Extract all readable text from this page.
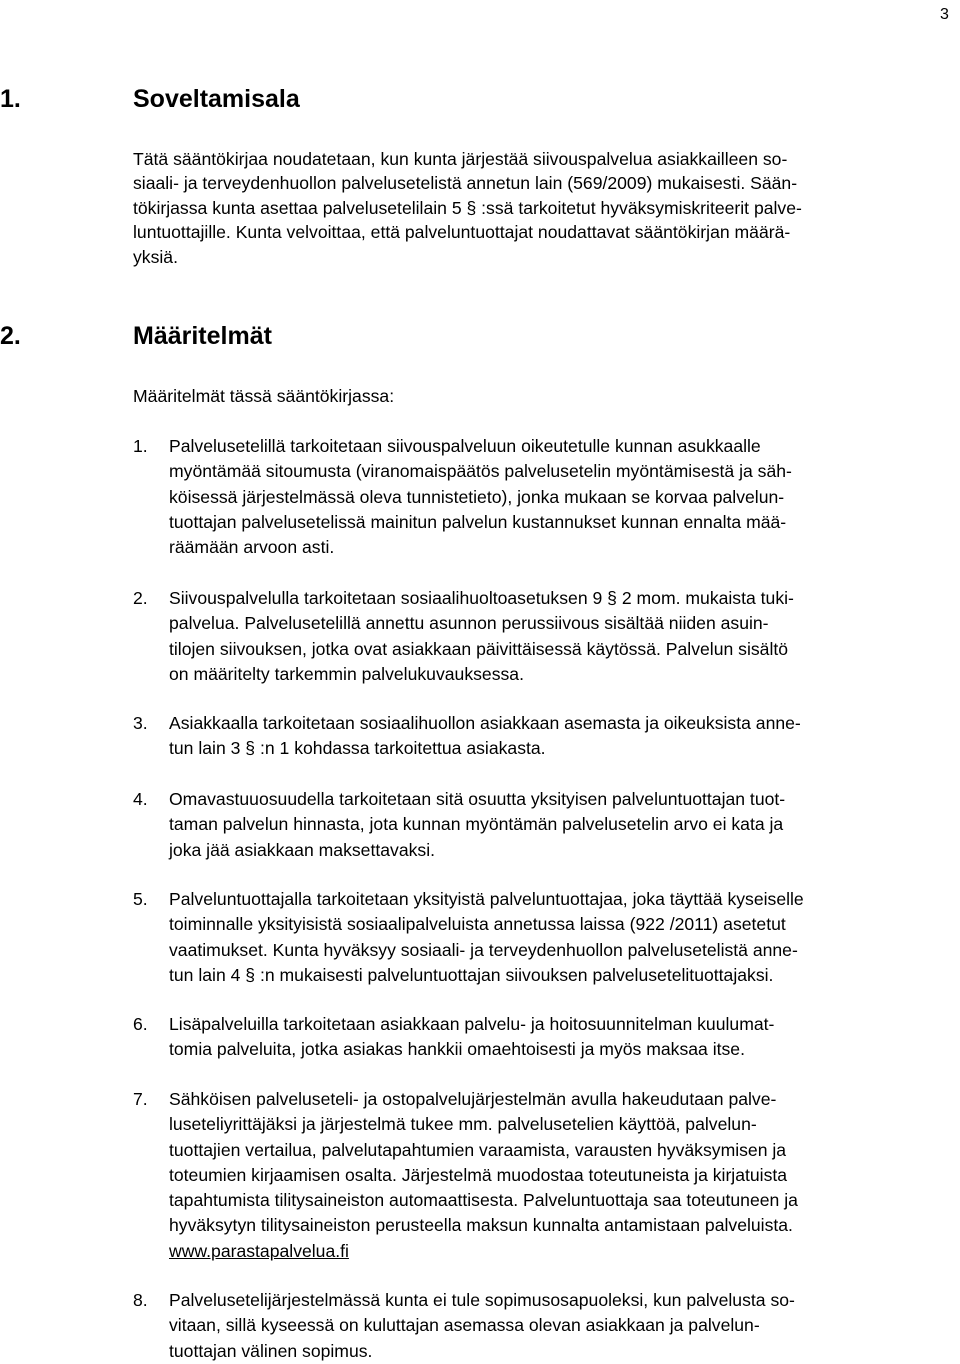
3
1.	Soveltamisala
Tätä sääntökirjaa noudatetaan, kun kunta järjestää siivouspalvelua asiakkailleen so-
siaali- ja terveydenhuollon palvelusetelistä annetun lain (569/2009) mukaisesti. Sään-
tökirjassa kunta asettaa palvelusetelilain 5 § :ssä tarkoitetut hyväksymiskriteerit palve-
luntuottajille. Kunta velvoittaa, että palveluntuottajat noudattavat sääntökirjan määrä-
yksiä.
2.	Määritelmät
Määritelmät tässä sääntökirjassa:
1. Palvelusetelillä tarkoitetaan siivouspalveluun oikeutetulle kunnan asukkaalle
myöntämää sitoumusta (viranomaispäätös palvelusetelin myöntämisestä ja säh-
köisessä järjestelmässä oleva tunnistetieto), jonka mukaan se korvaa palvelun-
tuottajan palvelusetelissä mainitun palvelun kustannukset kunnan ennalta mää-
räämään arvoon asti.
2. Siivouspalvelulla tarkoitetaan sosiaalihuoltoasetuksen 9 § 2 mom. mukaista tuki-
palvelua. Palvelusetelillä annettu asunnon perussiivous sisältää niiden asuin-
tilojen siivouksen, jotka ovat asiakkaan päivittäisessä käytössä. Palvelun sisältö
on määritelty tarkemmin palvelukuvauksessa.
3. Asiakkaalla tarkoitetaan sosiaalihuollon asiakkaan asemasta ja oikeuksista anne-
tun lain 3 § :n 1 kohdassa tarkoitettua asiakasta.
4. Omavastuuosuudella tarkoitetaan sitä osuutta yksityisen palveluntuottajan tuot-
taman palvelun hinnasta, jota kunnan myöntämän palvelusetelin arvo ei kata ja
joka jää asiakkaan maksettavaksi.
5. Palveluntuottajalla tarkoitetaan yksityistä palveluntuottajaa, joka täyttää kyseiselle
toiminnalle yksityisistä sosiaalipalveluista annetussa laissa (922 /2011) asetetut
vaatimukset. Kunta hyväksyy sosiaali- ja terveydenhuollon palvelusetelistä anne-
tun lain 4 § :n mukaisesti palveluntuottajan siivouksen palvelusetelituottajaksi.
6. Lisäpalveluilla tarkoitetaan asiakkaan palvelu- ja hoitosuunnitelman kuulumat-
tomia palveluita, jotka asiakas hankkii omaehtoisesti ja myös maksaa itse.
7. Sähköisen palveluseteli- ja ostopalvelujärjestelmän avulla hakeudutaan palve-
luseteliyrittäjäksi ja järjestelmä tukee mm. palvelusetelien käyttöä, palvelun-
tuottajien vertailua, palvelutapahtumien varaamista, varausten hyväksymisen ja
toteumien kirjaamisen osalta. Järjestelmä muodostaa toteutuneista ja kirjatuista
tapahtumista tilitysaineiston automaattisesta. Palveluntuottaja saa toteutuneen ja
hyväksytyn tilitysaineiston perusteella maksun kunnalta antamistaan palveluista.
www.parastapalvelua.fi
8. Palvelusetelijärjestelmässä kunta ei tule sopimusosapuoleksi, kun palvelusta so-
vitaan, sillä kyseessä on kuluttajan asemassa olevan asiakkaan ja palvelun-
tuottajan välinen sopimus.
